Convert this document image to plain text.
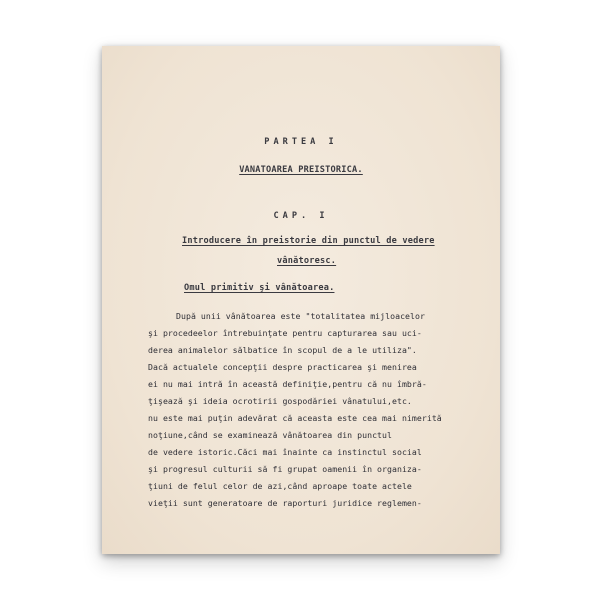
PARTEA I
VANATOAREA PREISTORICA.
CAP. I
Introducere în preistorie din punctul de vedere
vânătoresc.
Omul primitiv şi vânătoarea.
După unii vânătoarea este "totalitatea mijloacelor
şi procedeelor întrebuinţate pentru capturarea sau uci-
derea animalelor sălbatice în scopul de a le utiliza".
Dacă actualele concepţii despre practicarea şi menirea
ei nu mai intră în această definiţie,pentru că nu îmbră-
ţişează şi ideia ocrotirii gospodăriei vânatului,etc.
nu este mai puţin adevărat că aceasta este cea mai nimerită
noţiune,când se examinează vânătoarea din punctul
de vedere istoric.Căci mai înainte ca instinctul social
şi progresul culturii să fi grupat oamenii în organiza-
ţiuni de felul celor de azi,când aproape toate actele
vieţii sunt generatoare de raporturi juridice reglemen-
